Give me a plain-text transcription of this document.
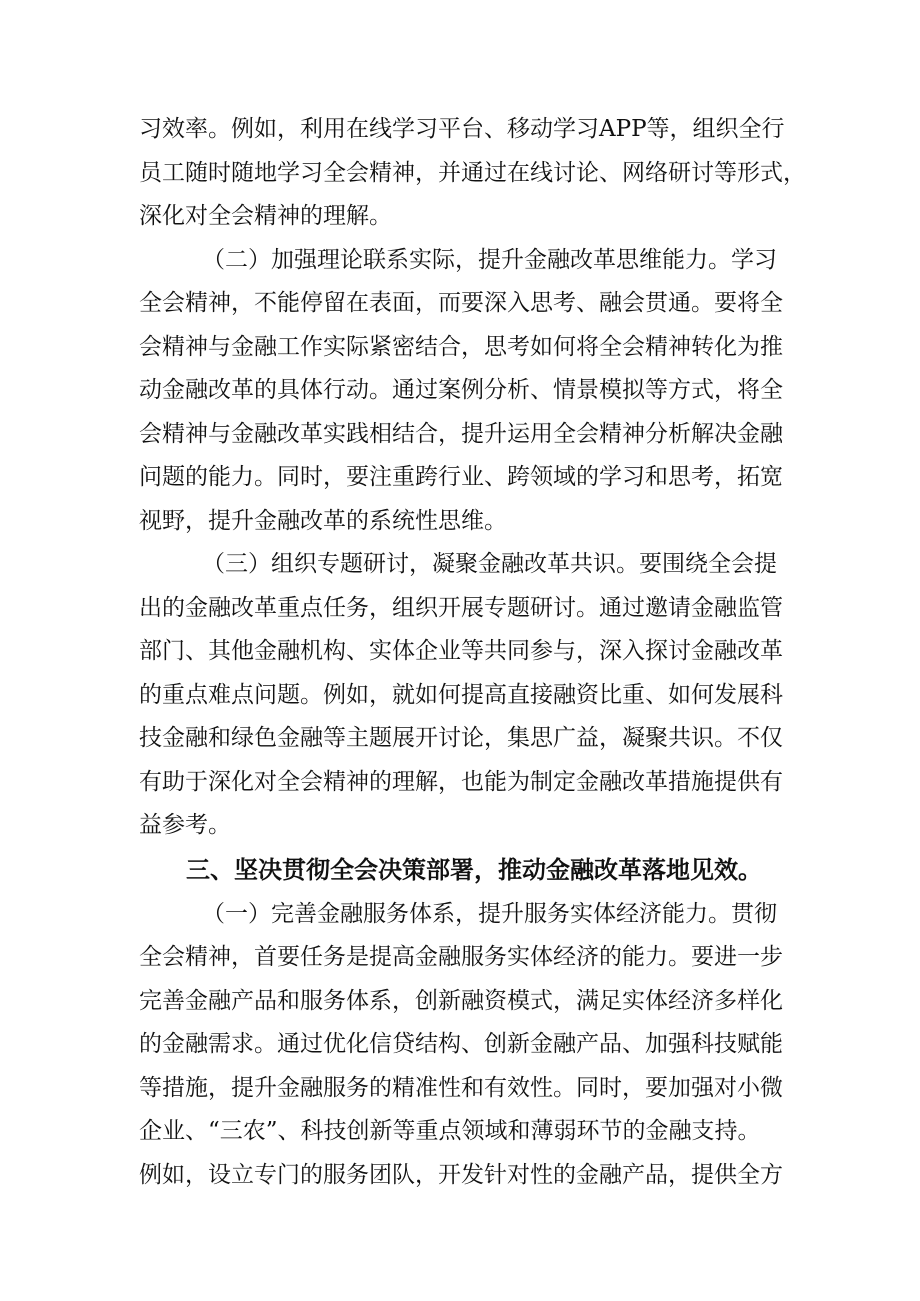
习效率。例如，利用在线学习平台、移动学习APP等，组织全行
员工随时随地学习全会精神，并通过在线讨论、网络研讨等形式，
深化对全会精神的理解。
（二）加强理论联系实际，提升金融改革思维能力。学习
全会精神，不能停留在表面，而要深入思考、融会贯通。要将全
会精神与金融工作实际紧密结合，思考如何将全会精神转化为推
动金融改革的具体行动。通过案例分析、情景模拟等方式，将全
会精神与金融改革实践相结合，提升运用全会精神分析解决金融
问题的能力。同时，要注重跨行业、跨领域的学习和思考，拓宽
视野，提升金融改革的系统性思维。
（三）组织专题研讨，凝聚金融改革共识。要围绕全会提
出的金融改革重点任务，组织开展专题研讨。通过邀请金融监管
部门、其他金融机构、实体企业等共同参与，深入探讨金融改革
的重点难点问题。例如，就如何提高直接融资比重、如何发展科
技金融和绿色金融等主题展开讨论，集思广益，凝聚共识。不仅
有助于深化对全会精神的理解，也能为制定金融改革措施提供有
益参考。
三、坚决贯彻全会决策部署，推动金融改革落地见效。
（一）完善金融服务体系，提升服务实体经济能力。贯彻
全会精神，首要任务是提高金融服务实体经济的能力。要进一步
完善金融产品和服务体系，创新融资模式，满足实体经济多样化
的金融需求。通过优化信贷结构、创新金融产品、加强科技赋能
等措施，提升金融服务的精准性和有效性。同时，要加强对小微
企业、“三农”、科技创新等重点领域和薄弱环节的金融支持。
例如，设立专门的服务团队，开发针对性的金融产品，提供全方
